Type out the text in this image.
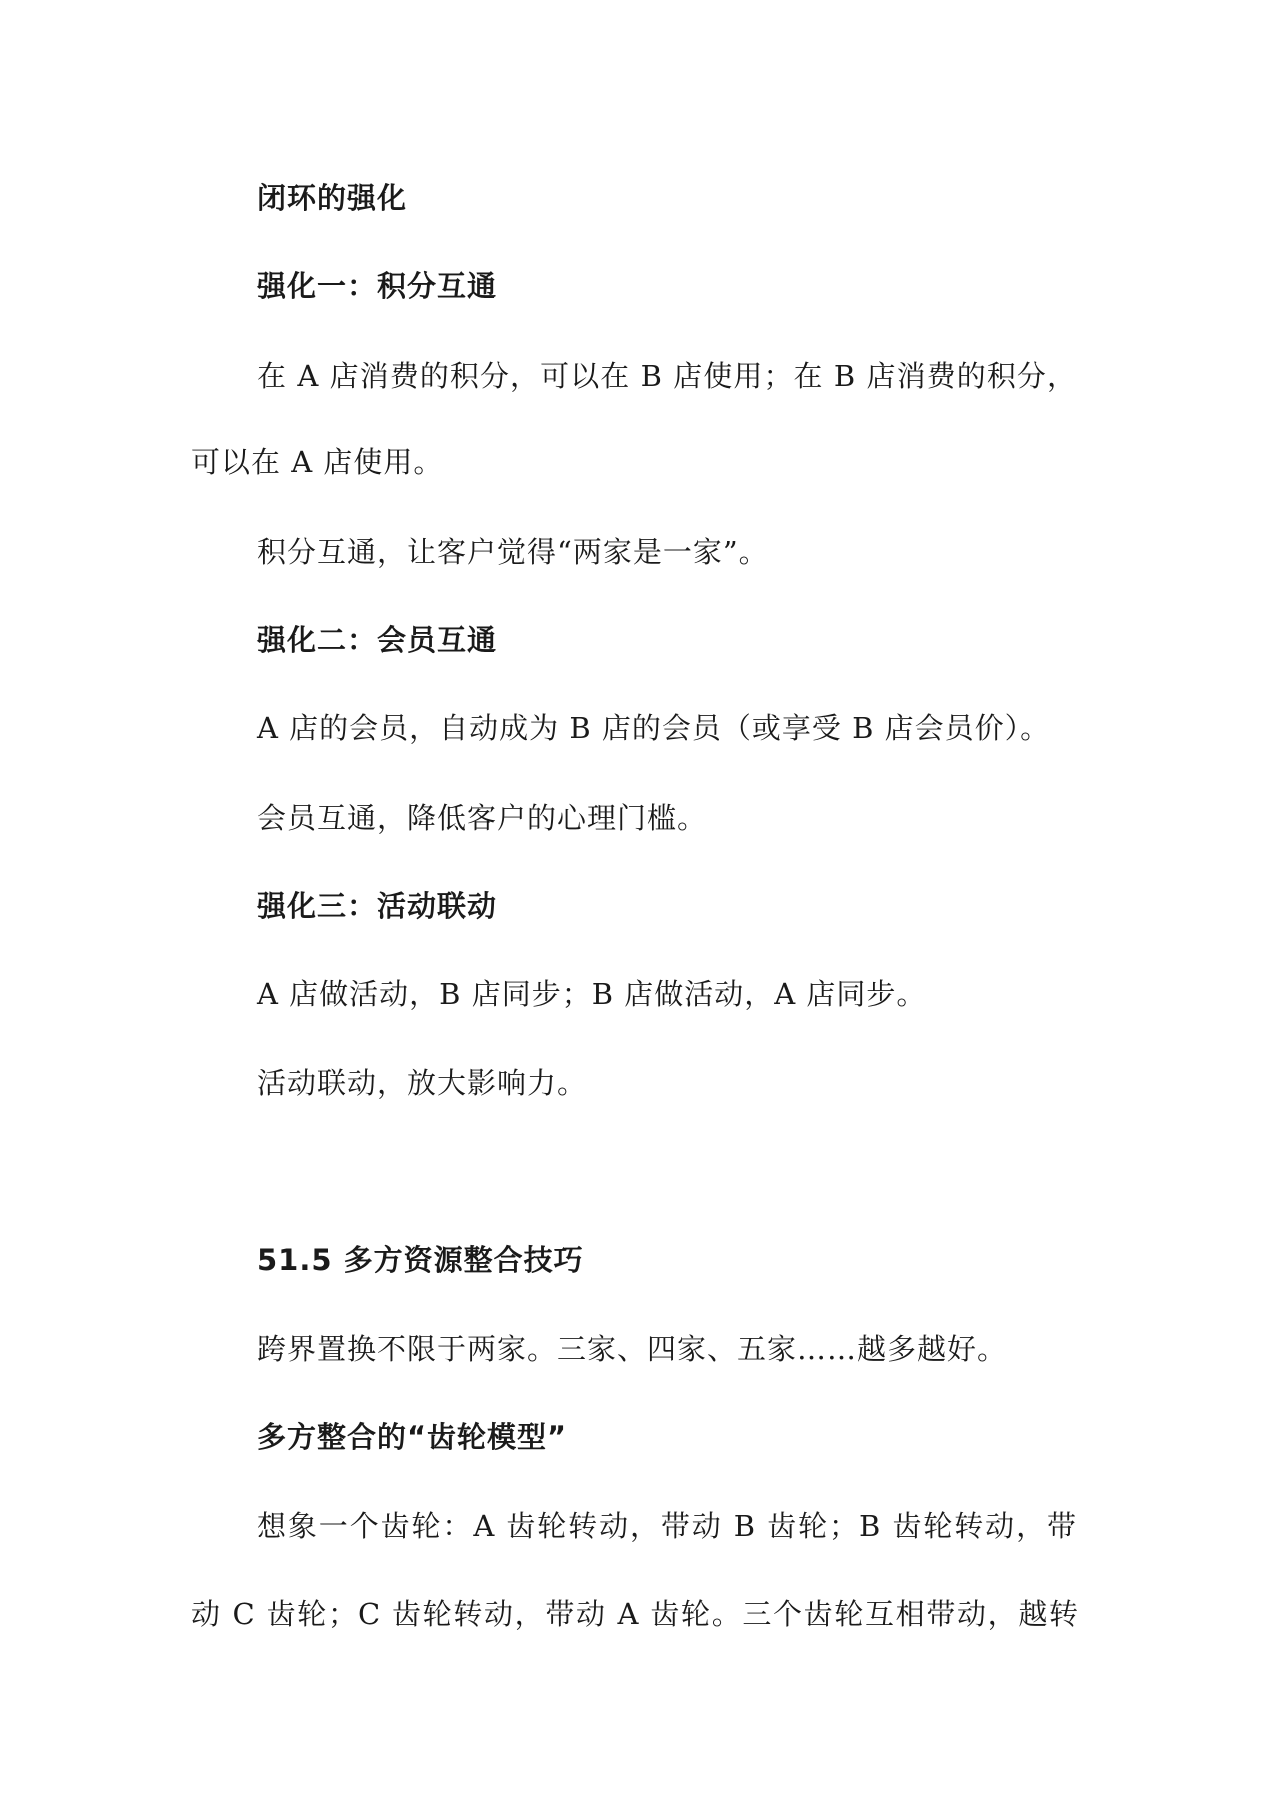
闭环的强化
强化一：积分互通
在 A 店消费的积分，可以在 B 店使用；在 B 店消费的积分，
可以在 A 店使用。
积分互通，让客户觉得“两家是一家”。
强化二：会员互通
A 店的会员，自动成为 B 店的会员（或享受 B 店会员价）。
会员互通，降低客户的心理门槛。
强化三：活动联动
A 店做活动，B 店同步；B 店做活动，A 店同步。
活动联动，放大影响力。
51.5 多方资源整合技巧
跨界置换不限于两家。三家、四家、五家……越多越好。
多方整合的“齿轮模型”
想象一个齿轮：A 齿轮转动，带动 B 齿轮；B 齿轮转动，带
动 C 齿轮；C 齿轮转动，带动 A 齿轮。三个齿轮互相带动，越转
